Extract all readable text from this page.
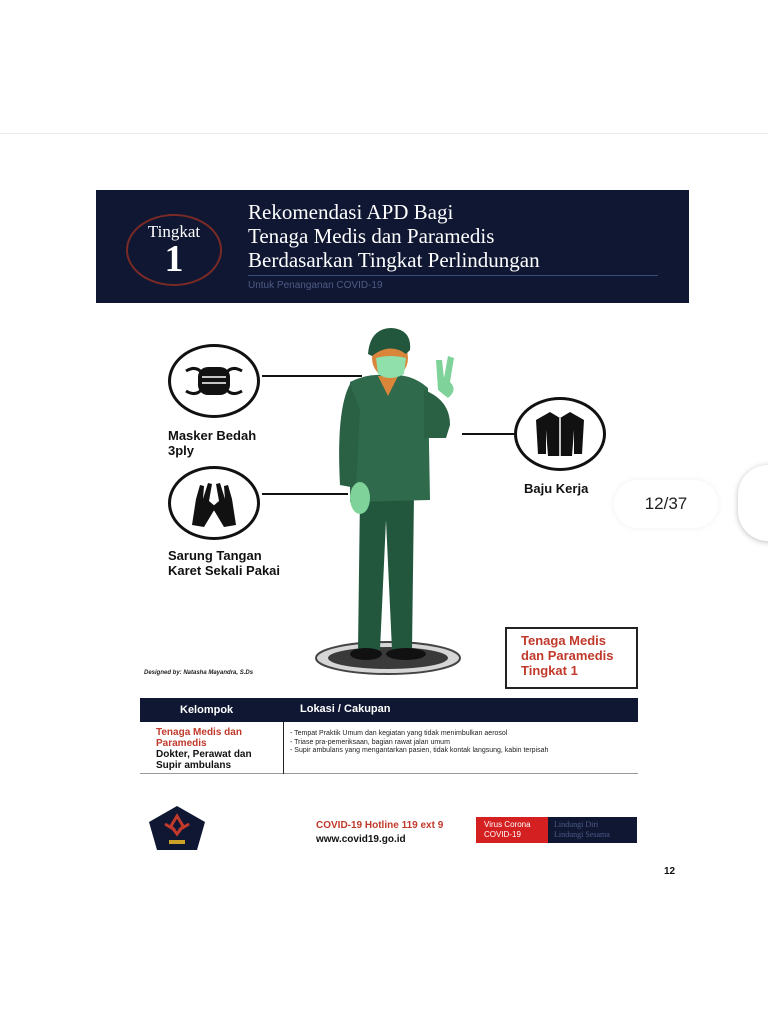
Tingkat
1
Rekomendasi APD Bagi
Tenaga Medis dan Paramedis
Berdasarkan Tingkat Perlindungan
Untuk Penanganan COVID-19
Masker Bedah
3ply
Sarung Tangan
Karet Sekali Pakai
Baju Kerja
12/37
Tenaga Medis
dan Paramedis
Tingkat 1
Designed by: Natasha Mayandra, S.Ds
Kelompok	Lokasi / Cakupan
Tenaga Medis dan
Paramedis
Dokter, Perawat dan
Supir ambulans
- Tempat Praktik Umum dan kegiatan yang tidak menimbulkan aerosol
- Triase pra-pemeriksaan, bagian rawat jalan umum
- Supir ambulans yang mengantarkan pasien, tidak kontak langsung, kabin terpisah
COVID-19 Hotline 119 ext 9
www.covid19.go.id
Virus Corona
COVID-19
Lindungi Diri
Lindungi Sesama
12
